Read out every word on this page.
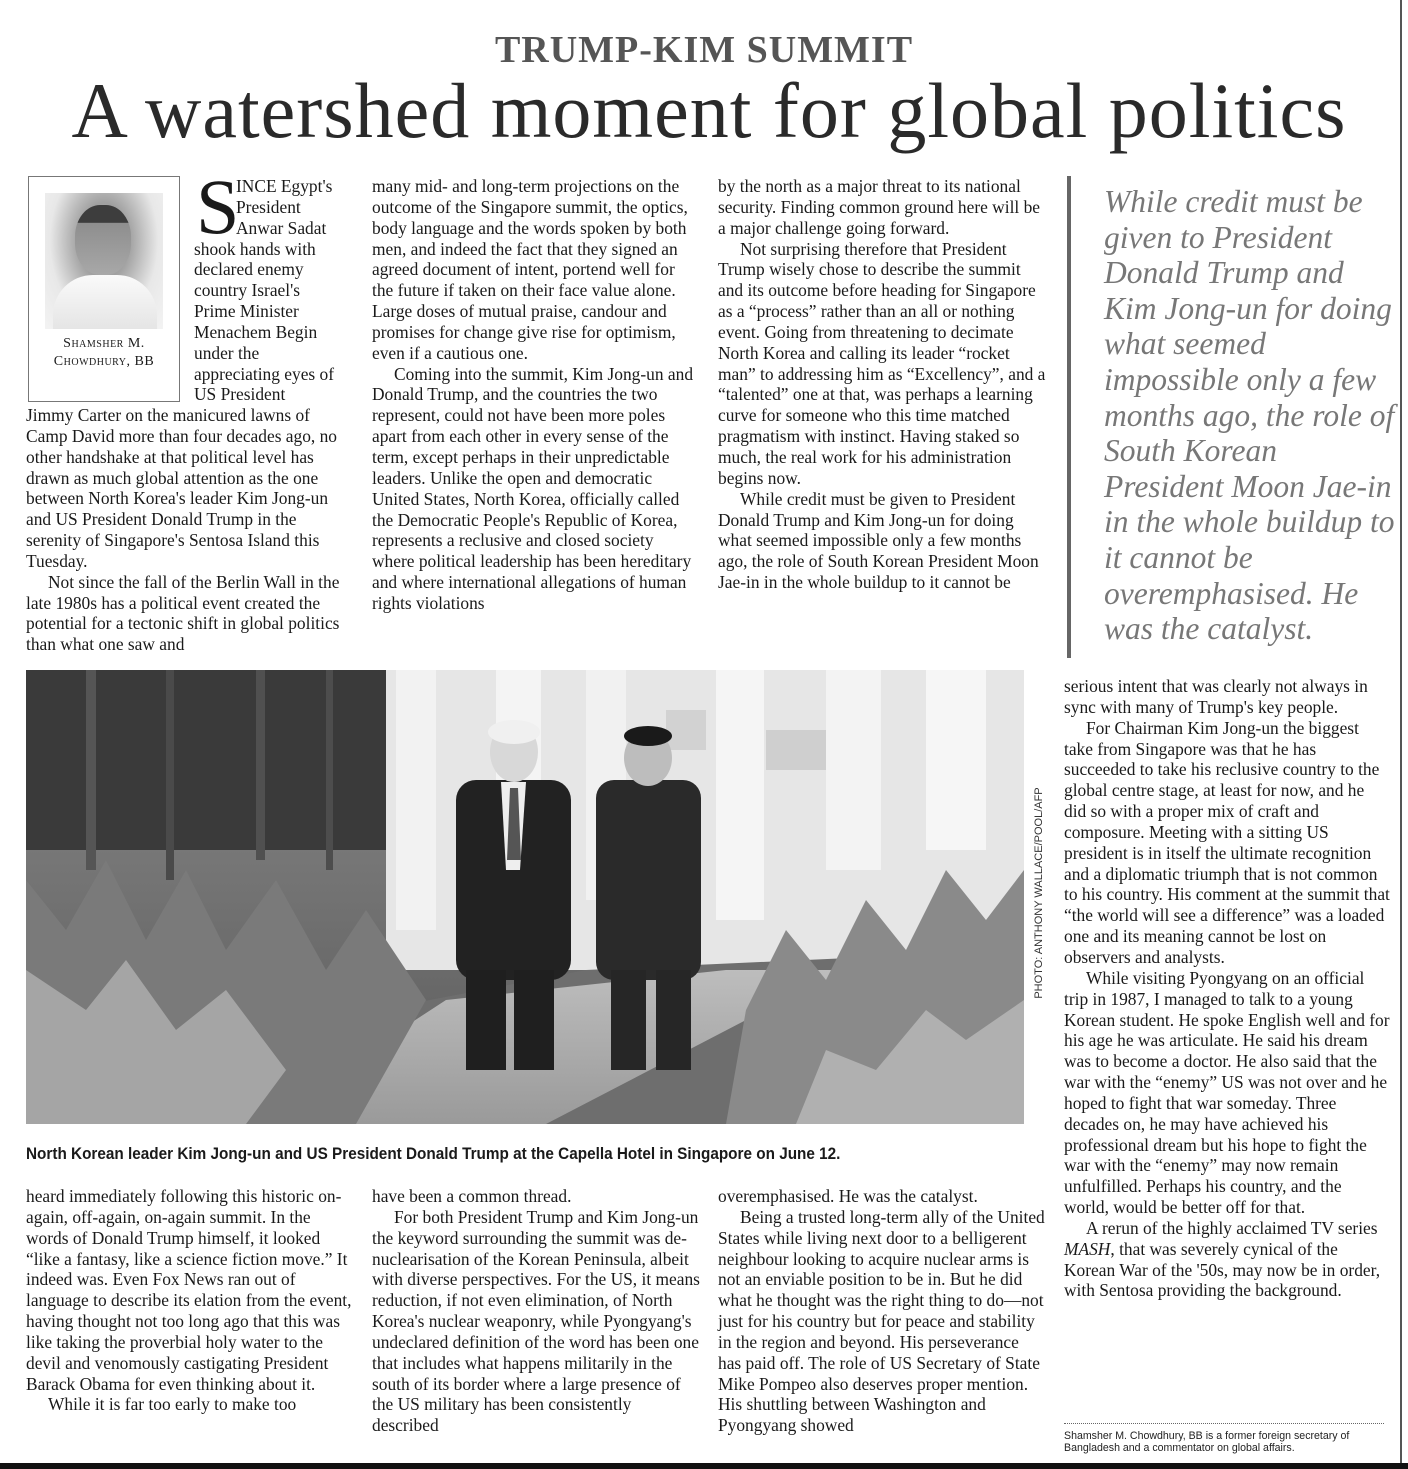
TRUMP-KIM SUMMIT
A watershed moment for global politics
Shamsher M.
Chowdhury, BB
S
INCE Egypt's
President
Anwar Sadat
shook hands with
declared enemy
country Israel's
Prime Minister
Menachem Begin
under the
appreciating eyes of
US President

Jimmy Carter on the manicured lawns of Camp David more than four decades ago, no other handshake at that political level has drawn as much global attention as the one between North Korea's leader Kim Jong-un and US President Donald Trump in the serenity of Singapore's Sentosa Island this Tuesday.

Not since the fall of the Berlin Wall in the late 1980s has a political event created the potential for a tectonic shift in global politics than what one saw and

many mid- and long-term projections on the outcome of the Singapore summit, the optics, body language and the words spoken by both men, and indeed the fact that they signed an agreed document of intent, portend well for the future if taken on their face value alone. Large doses of mutual praise, candour and promises for change give rise for optimism, even if a cautious one.

Coming into the summit, Kim Jong-un and Donald Trump, and the countries the two represent, could not have been more poles apart from each other in every sense of the term, except perhaps in their unpredictable leaders. Unlike the open and democratic United States, North Korea, officially called the Democratic People's Republic of Korea, represents a reclusive and closed society where political leadership has been hereditary and where international allegations of human rights violations

by the north as a major threat to its national security. Finding common ground here will be a major challenge going forward.

Not surprising therefore that President Trump wisely chose to describe the summit and its outcome before heading for Singapore as a “process” rather than an all or nothing event. Going from threatening to decimate North Korea and calling its leader “rocket man” to addressing him as “Excellency”, and a “talented” one at that, was perhaps a learning curve for someone who this time matched pragmatism with instinct. Having staked so much, the real work for his administration begins now.

While credit must be given to President Donald Trump and Kim Jong-un for doing what seemed impossible only a few months ago, the role of South Korean President Moon Jae-in in the whole buildup to it cannot be

While credit must be given to President Donald Trump and Kim Jong-un for doing what seemed impossible only a few months ago, the role of South Korean President Moon Jae-in in the whole buildup to it cannot be overemphasised. He was the catalyst.
PHOTO: ANTHONY WALLACE/POOL/AFP
North Korean leader Kim Jong-un and US President Donald Trump at the Capella Hotel in Singapore on June 12.

serious intent that was clearly not always in sync with many of Trump's key people.

For Chairman Kim Jong-un the biggest take from Singapore was that he has succeeded to take his reclusive country to the global centre stage, at least for now, and he did so with a proper mix of craft and composure. Meeting with a sitting US president is in itself the ultimate recognition and a diplomatic triumph that is not common to his country. His comment at the summit that “the world will see a difference” was a loaded one and its meaning cannot be lost on observers and analysts.

While visiting Pyongyang on an official trip in 1987, I managed to talk to a young Korean student. He spoke English well and for his age he was articulate. He said his dream was to become a doctor. He also said that the war with the “enemy” US was not over and he hoped to fight that war someday. Three decades on, he may have achieved his professional dream but his hope to fight the war with the “enemy” may now remain unfulfilled. Perhaps his country, and the world, would be better off for that.

A rerun of the highly acclaimed TV series MASH, that was severely cynical of the Korean War of the '50s, may now be in order, with Sentosa providing the background.

heard immediately following this historic on-again, off-again, on-again summit. In the words of Donald Trump himself, it looked “like a fantasy, like a science fiction move.” It indeed was. Even Fox News ran out of language to describe its elation from the event, having thought not too long ago that this was like taking the proverbial holy water to the devil and venomously castigating President Barack Obama for even thinking about it.

While it is far too early to make too

have been a common thread.

For both President Trump and Kim Jong-un the keyword surrounding the summit was de-nuclearisation of the Korean Peninsula, albeit with diverse perspectives. For the US, it means reduction, if not even elimination, of North Korea's nuclear weaponry, while Pyongyang's undeclared definition of the word has been one that includes what happens militarily in the south of its border where a large presence of the US military has been consistently described

overemphasised. He was the catalyst.

Being a trusted long-term ally of the United States while living next door to a belligerent neighbour looking to acquire nuclear arms is not an enviable position to be in. But he did what he thought was the right thing to do—not just for his country but for peace and stability in the region and beyond. His perseverance has paid off. The role of US Secretary of State Mike Pompeo also deserves proper mention. His shuttling between Washington and Pyongyang showed

Shamsher M. Chowdhury, BB is a former foreign secretary of Bangladesh and a commentator on global affairs.
